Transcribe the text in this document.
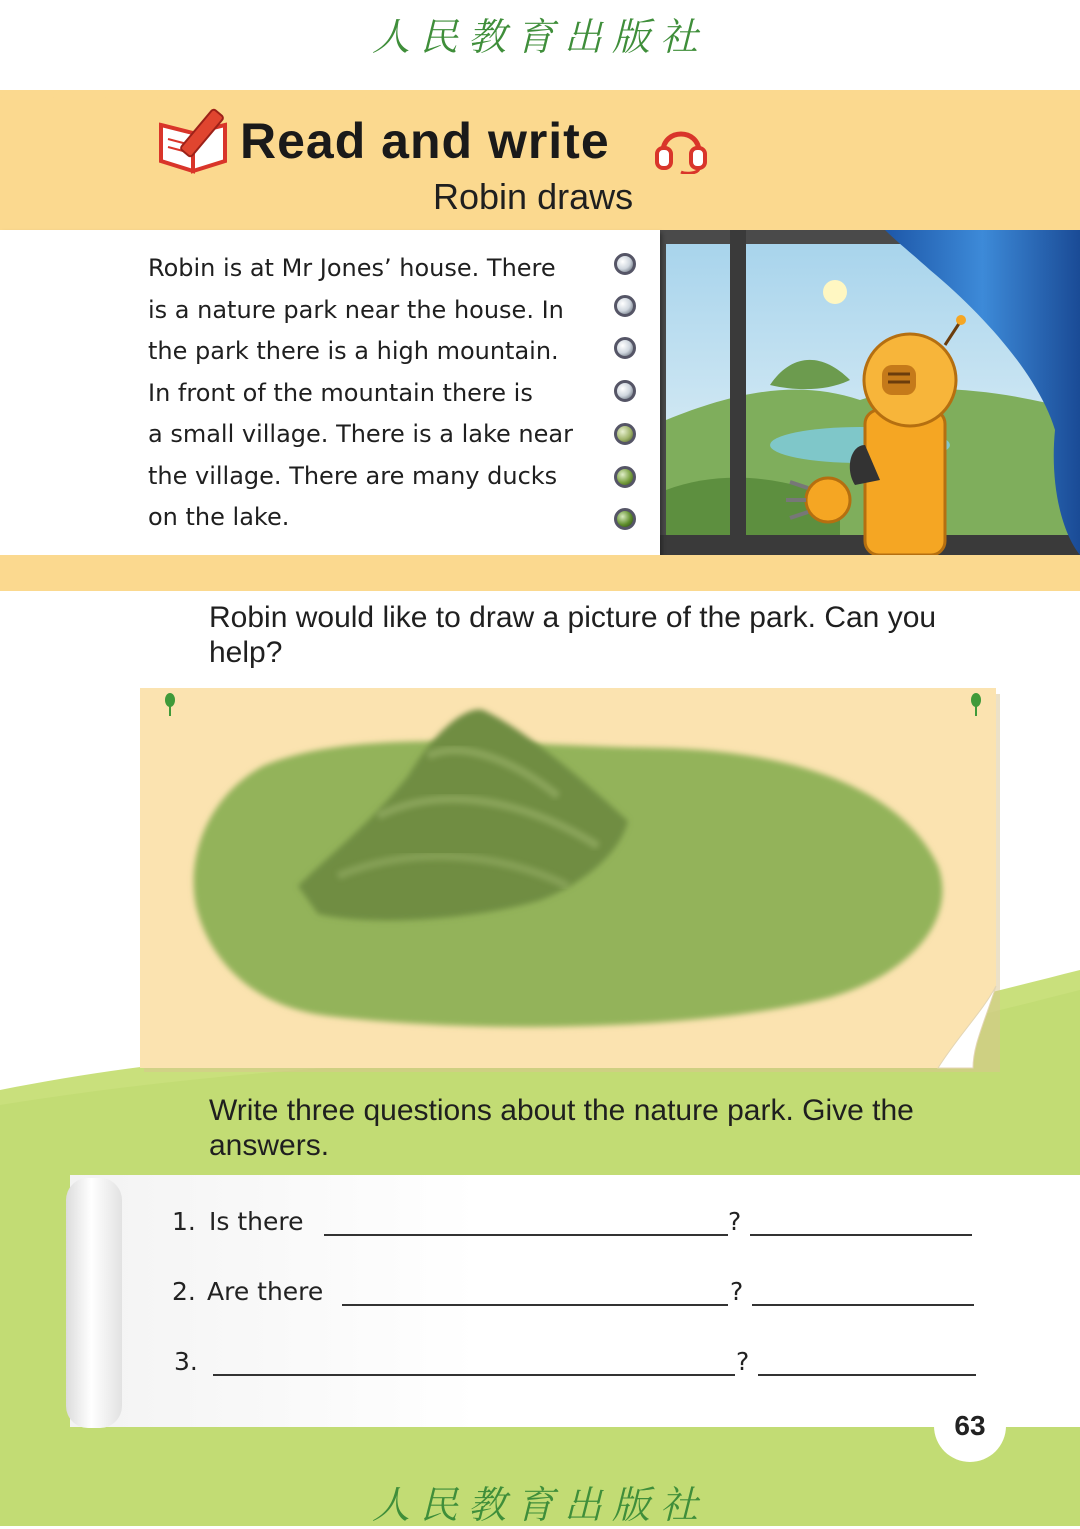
人民教育出版社
Read and write
Robin draws

Robin is at Mr Jones’ house. There
is a nature park near the house. In
the park there is a high mountain.
In front of the mountain there is
a small village. There is a lake near
the village. There are many ducks
on the lake.

Robin would like to draw a picture of the park. Can you help?
Write three questions about the nature park. Give the answers.
1. Is there	?
2. Are there	?
3.	?
63
人民教育出版社
